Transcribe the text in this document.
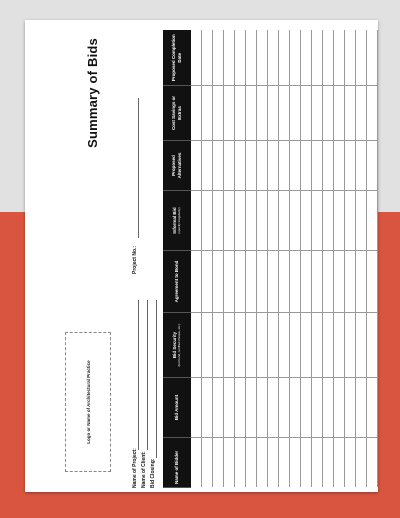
Summary of Bids
Logo or Name of Architectural Practice
Name of Project:
Project No.:
Name of Client: Bid Closing:	Name of Bidder	Bid Amount	Bid Security (bid bond, certified cheque, etc.)	Agreement to Bond	Informal Bid (specify irregularity)	Proposed Alternatives	Cost Savings or Extras	Proposed Completion Date
